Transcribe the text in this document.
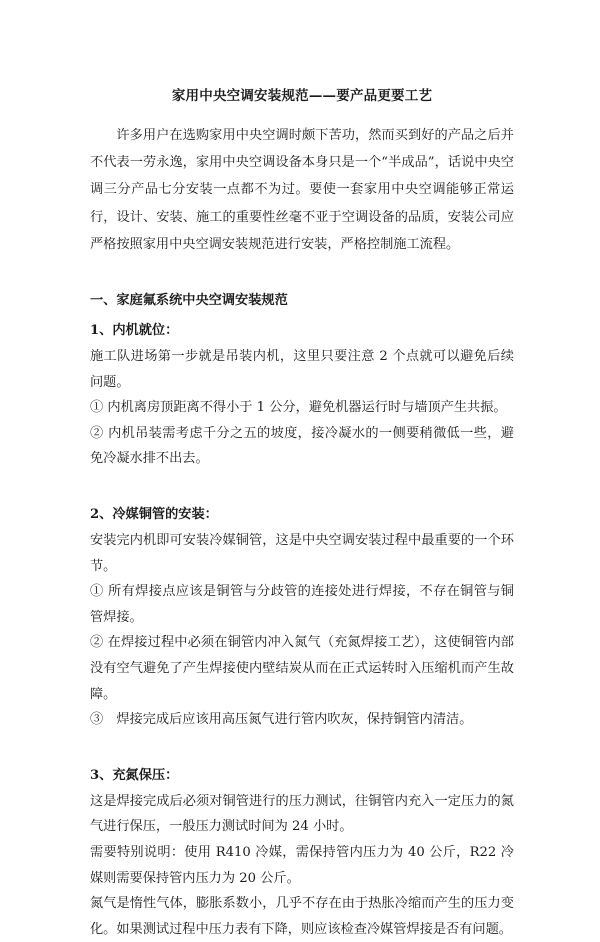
家用中央空调安装规范——要产品更要工艺

许多用户在选购家用中央空调时颇下苦功，然而买到好的产品之后并不代表一劳永逸，家用中央空调设备本身只是一个“半成品”，话说中央空调三分产品七分安装一点都不为过。要使一套家用中央空调能够正常运行，设计、安装、施工的重要性丝毫不亚于空调设备的品质，安装公司应严格按照家用中央空调安装规范进行安装，严格控制施工流程。

一、家庭氟系统中央空调安装规范
1、内机就位：

施工队进场第一步就是吊装内机，这里只要注意 2 个点就可以避免后续问题。

① 内机离房顶距离不得小于 1 公分，避免机器运行时与墙顶产生共振。

② 内机吊装需考虑千分之五的坡度，接冷凝水的一侧要稍微低一些，避免冷凝水排不出去。

2、冷媒铜管的安装：

安装完内机即可安装冷媒铜管，这是中央空调安装过程中最重要的一个环节。

① 所有焊接点应该是铜管与分歧管的连接处进行焊接，不存在铜管与铜管焊接。

② 在焊接过程中必须在铜管内冲入氮气（充氮焊接工艺），这使铜管内部没有空气避免了产生焊接使内壁结炭从而在正式运转时入压缩机而产生故障。

③　焊接完成后应该用高压氮气进行管内吹灰，保持铜管内清洁。

3、充氮保压：

这是焊接完成后必须对铜管进行的压力测试，往铜管内充入一定压力的氮气进行保压，一般压力测试时间为 24 小时。

需要特别说明：使用 R410 冷媒，需保持管内压力为 40 公斤，R22 冷媒则需要保持管内压力为 20 公斤。

氮气是惰性气体，膨胀系数小，几乎不存在由于热胀冷缩而产生的压力变化。如果测试过程中压力表有下降，则应该检查冷媒管焊接是否有问题。
